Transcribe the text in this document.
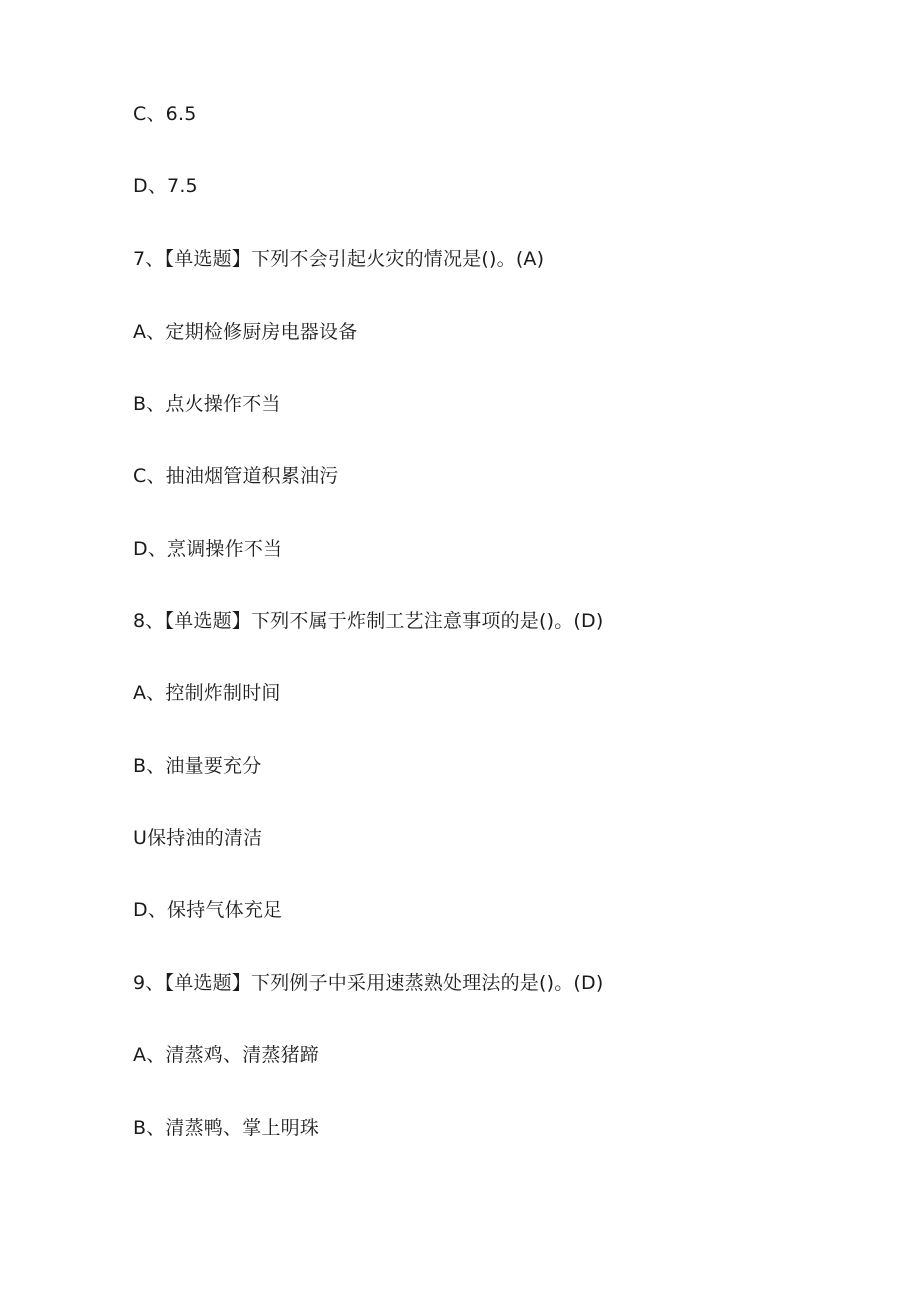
C、6.5
D、7.5
7、【单选题】下列不会引起火灾的情况是()。(A)
A、定期检修厨房电器设备
B、点火操作不当
C、抽油烟管道积累油污
D、烹调操作不当
8、【单选题】下列不属于炸制工艺注意事项的是()。(D)
A、控制炸制时间
B、油量要充分
U保持油的清洁
D、保持气体充足
9、【单选题】下列例子中采用速蒸熟处理法的是()。(D)
A、清蒸鸡、清蒸猪蹄
B、清蒸鸭、掌上明珠
